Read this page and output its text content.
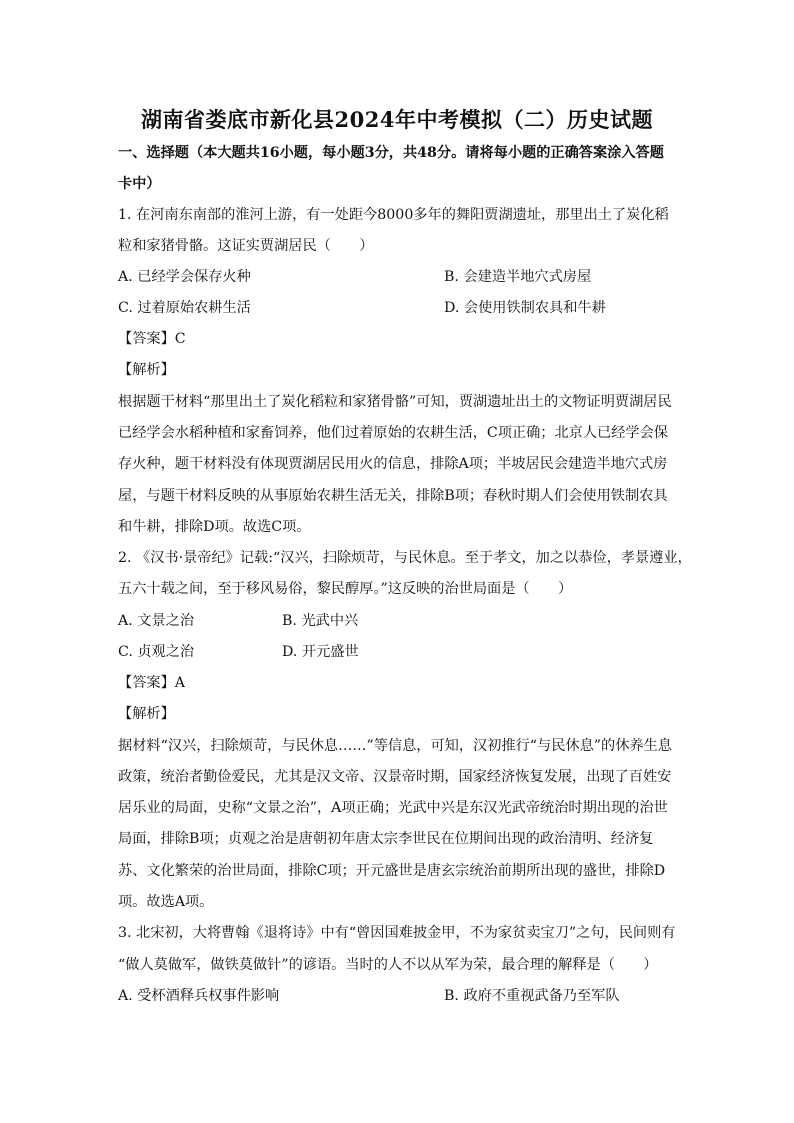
湖南省娄底市新化县2024年中考模拟（二）历史试题
一、选择题（本大题共16小题，每小题3分，共48分。请将每小题的正确答案涂入答题
卡中）
1. 在河南东南部的淮河上游，有一处距今8000多年的舞阳贾湖遗址，那里出土了炭化稻
粒和家猪骨骼。这证实贾湖居民（　　）
A. 已经学会保存火种	B. 会建造半地穴式房屋
C. 过着原始农耕生活	D. 会使用铁制农具和牛耕
【答案】C
【解析】
根据题干材料“那里出土了炭化稻粒和家猪骨骼”可知，贾湖遗址出土的文物证明贾湖居民
已经学会水稻种植和家畜饲养，他们过着原始的农耕生活，C项正确；北京人已经学会保
存火种，题干材料没有体现贾湖居民用火的信息，排除A项；半坡居民会建造半地穴式房
屋，与题干材料反映的从事原始农耕生活无关，排除B项；春秋时期人们会使用铁制农具
和牛耕，排除D项。故选C项。
2. 《汉书·景帝纪》记载:“汉兴，扫除烦苛，与民休息。至于孝文，加之以恭俭，孝景遵业，
五六十载之间，至于移风易俗，黎民醇厚。”这反映的治世局面是（　　）
A. 文景之治	B. 光武中兴
C. 贞观之治	D. 开元盛世
【答案】A
【解析】
据材料“汉兴，扫除烦苛，与民休息……”等信息，可知，汉初推行“与民休息”的休养生息
政策，统治者勤俭爱民，尤其是汉文帝、汉景帝时期，国家经济恢复发展，出现了百姓安
居乐业的局面，史称“文景之治”，A项正确；光武中兴是东汉光武帝统治时期出现的治世
局面，排除B项；贞观之治是唐朝初年唐太宗李世民在位期间出现的政治清明、经济复
苏、文化繁荣的治世局面，排除C项；开元盛世是唐玄宗统治前期所出现的盛世，排除D
项。故选A项。
3. 北宋初，大将曹翰《退将诗》中有“曾因国难披金甲，不为家贫卖宝刀”之句，民间则有
“做人莫做军，做铁莫做针”的谚语。当时的人不以从军为荣，最合理的解释是（　　）
A. 受杯酒释兵权事件影响	B. 政府不重视武备乃至军队
